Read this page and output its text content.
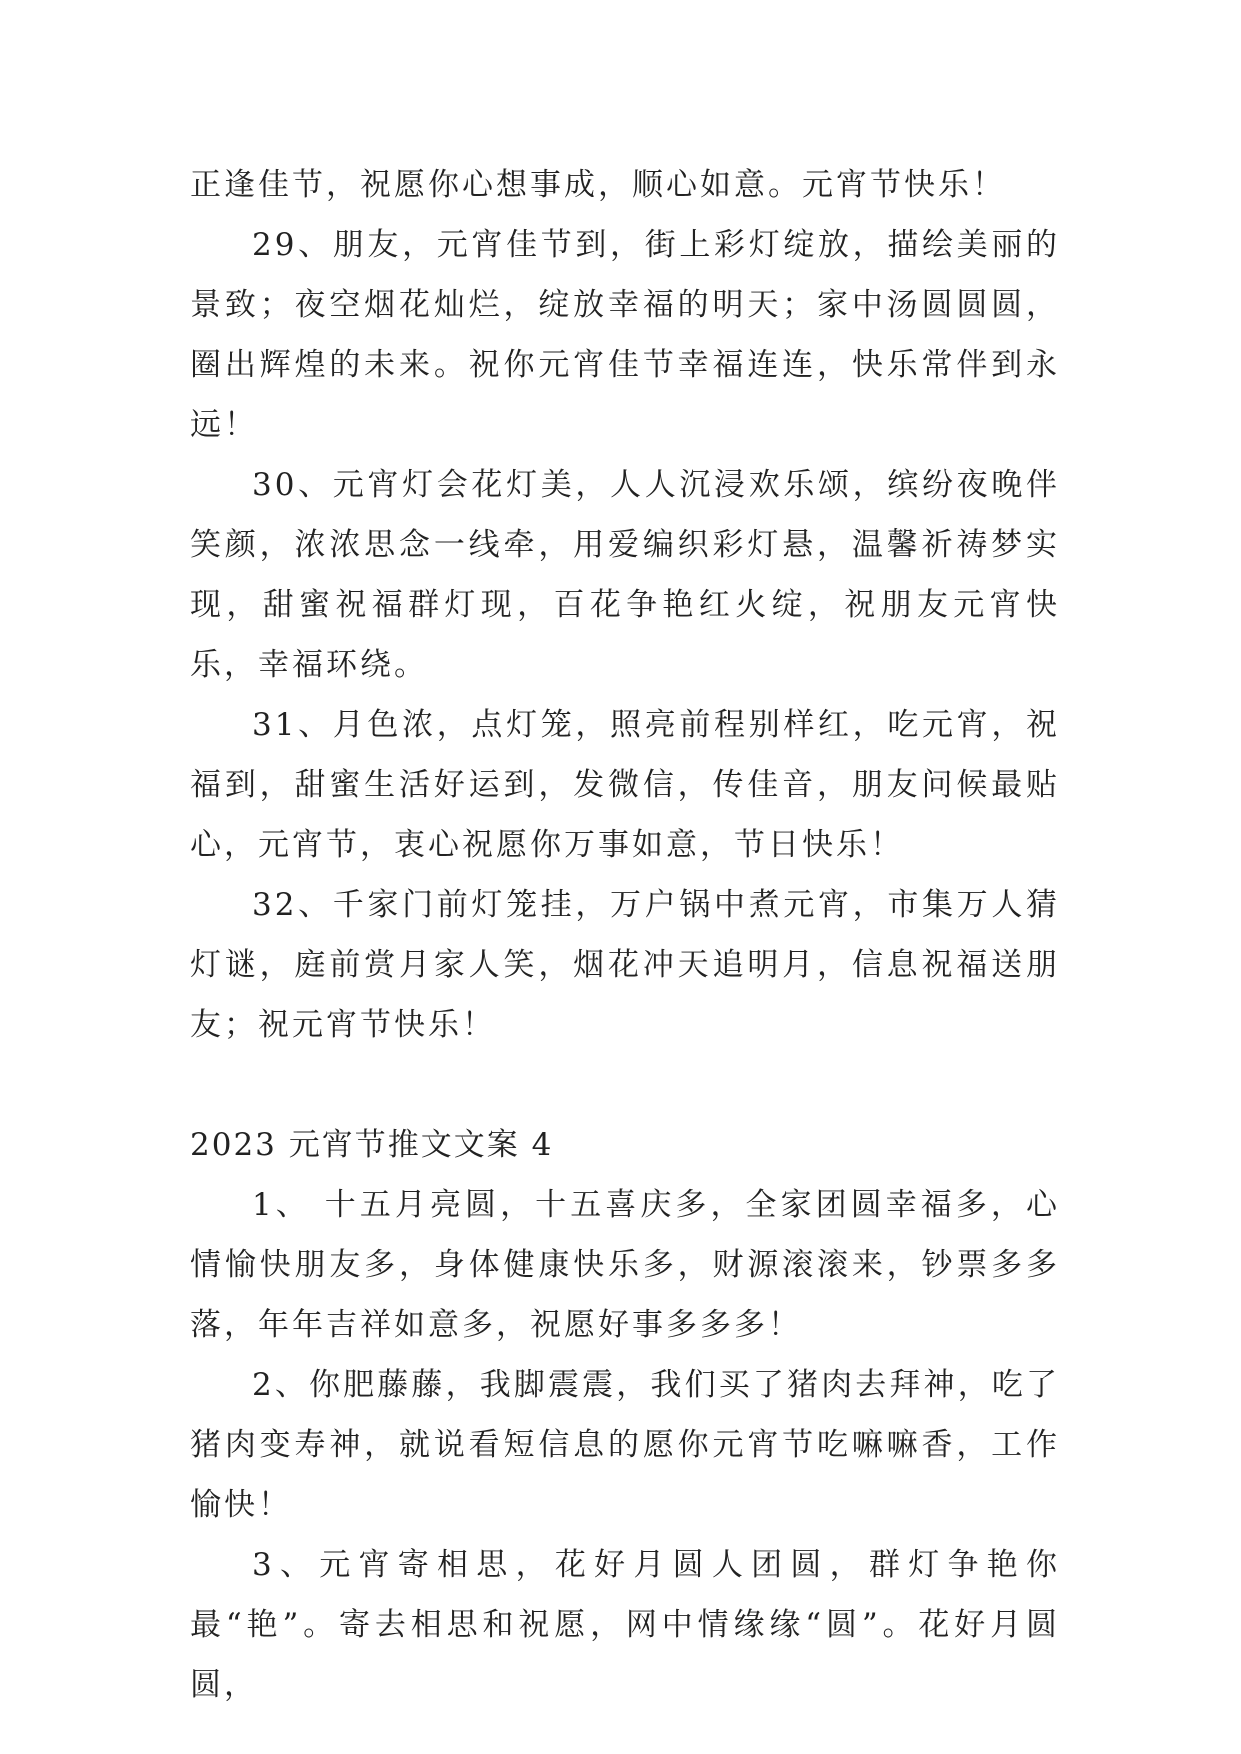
正逢佳节，祝愿你心想事成，顺心如意。元宵节快乐！

29、朋友，元宵佳节到，街上彩灯绽放，描绘美丽的景致；夜空烟花灿烂，绽放幸福的明天；家中汤圆圆圆，圈出辉煌的未来。祝你元宵佳节幸福连连，快乐常伴到永远！

30、元宵灯会花灯美，人人沉浸欢乐颂，缤纷夜晚伴笑颜，浓浓思念一线牵，用爱编织彩灯悬，温馨祈祷梦实现，甜蜜祝福群灯现，百花争艳红火绽，祝朋友元宵快乐，幸福环绕。

31、月色浓，点灯笼，照亮前程别样红，吃元宵，祝福到，甜蜜生活好运到，发微信，传佳音，朋友问候最贴心，元宵节，衷心祝愿你万事如意，节日快乐！

32、千家门前灯笼挂，万户锅中煮元宵，市集万人猜灯谜，庭前赏月家人笑，烟花冲天追明月，信息祝福送朋友；祝元宵节快乐！

2023 元宵节推文文案 4

1、 十五月亮圆，十五喜庆多，全家团圆幸福多，心情愉快朋友多，身体健康快乐多，财源滚滚来，钞票多多落，年年吉祥如意多，祝愿好事多多多！

2、你肥藤藤，我脚震震，我们买了猪肉去拜神，吃了猪肉变寿神，就说看短信息的愿你元宵节吃嘛嘛香，工作愉快！

3、元宵寄相思，花好月圆人团圆，群灯争艳你最“艳”。寄去相思和祝愿，网中情缘缘“圆”。花好月圆圆，
